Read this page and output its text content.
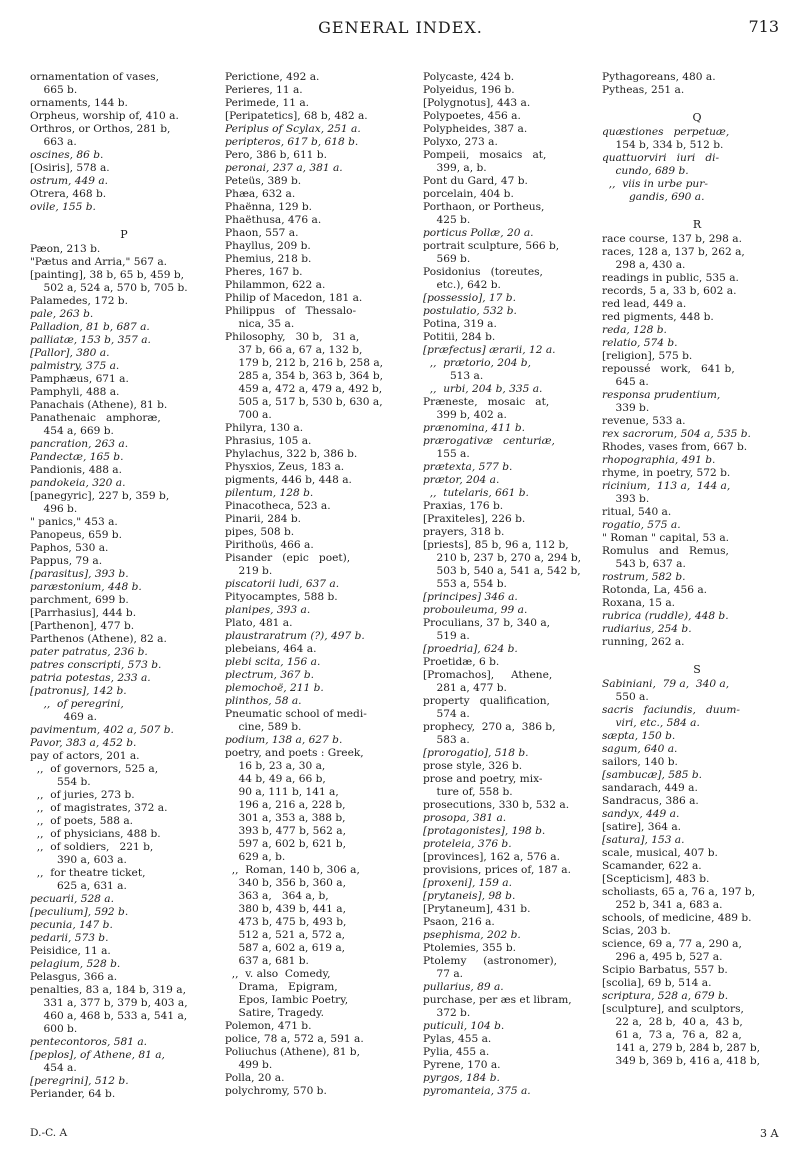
GENERAL INDEX.	713
ornamentation of vases,
665 b.
ornaments, 144 b.
Orpheus, worship of, 410 a.
Orthros, or Orthos, 281 b,
663 a.
oscines, 86 b.
[Osiris], 578 a.
ostrum, 449 a.
Otrera, 468 b.
ovile, 155 b.
P
Pæon, 213 b.
"Pætus and Arria," 567 a.
[painting], 38 b, 65 b, 459 b,
502 a, 524 a, 570 b, 705 b.
Palamedes, 172 b.
pale, 263 b.
Palladion, 81 b, 687 a.
palliatæ, 153 b, 357 a.
[Pallor], 380 a.
palmistry, 375 a.
Pamphæus, 671 a.
Pamphyli, 488 a.
Panachais (Athene), 81 b.
Panathenaic   amphoræ,
454 a, 669 b.
pancration, 263 a.
Pandectæ, 165 b.
Pandionis, 488 a.
pandokeia, 320 a.
[panegyric], 227 b, 359 b,
496 b.
" panics," 453 a.
Panopeus, 659 b.
Paphos, 530 a.
Pappus, 79 a.
[parasitus], 393 b.
paræstonium, 448 b.
parchment, 699 b.
[Parrhasius], 444 b.
[Parthenon], 477 b.
Parthenos (Athene), 82 a.
pater patratus, 236 b.
patres conscripti, 573 b.
patria potestas, 233 a.
[patronus], 142 b.
,,  of peregrini,
469 a.
pavimentum, 402 a, 507 b.
Pavor, 383 a, 452 b.
pay of actors, 201 a.
,,  of governors, 525 a,
554 b.
,,  of juries, 273 b.
,,  of magistrates, 372 a.
,,  of poets, 588 a.
,,  of physicians, 488 b.
,,  of soldiers,   221 b,
390 a, 603 a.
,,  for theatre ticket,
625 a, 631 a.
pecuarii, 528 a.
[peculium], 592 b.
pecunia, 147 b.
pedarii, 573 b.
Peisidice, 11 a.
pelagium, 528 b.
Pelasgus, 366 a.
penalties, 83 a, 184 b, 319 a,
331 a, 377 b, 379 b, 403 a,
460 a, 468 b, 533 a, 541 a,
600 b.
pentecontoros, 581 a.
[peplos], of Athene, 81 a,
454 a.
[peregrini], 512 b.
Periander, 64 b.
Perictione, 492 a.
Perieres, 11 a.
Perimede, 11 a.
[Peripatetics], 68 b, 482 a.
Periplus of Scylax, 251 a.
peripteros, 617 b, 618 b.
Pero, 386 b, 611 b.
peronai, 237 a, 381 a.
Peteüs, 389 b.
Phæa, 632 a.
Phaënna, 129 b.
Phaëthusa, 476 a.
Phaon, 557 a.
Phayllus, 209 b.
Phemius, 218 b.
Pheres, 167 b.
Philammon, 622 a.
Philip of Macedon, 181 a.
Philippus   of   Thessalo-
nica, 35 a.
Philosophy,   30 b,   31 a,
37 b, 66 a, 67 a, 132 b,
179 b, 212 b, 216 b, 258 a,
285 a, 354 b, 363 b, 364 b,
459 a, 472 a, 479 a, 492 b,
505 a, 517 b, 530 b, 630 a,
700 a.
Philyra, 130 a.
Phrasius, 105 a.
Phylachus, 322 b, 386 b.
Physxios, Zeus, 183 a.
pigments, 446 b, 448 a.
pilentum, 128 b.
Pinacotheca, 523 a.
Pinarii, 284 b.
pipes, 508 b.
Pirithoüs, 466 a.
Pisander   (epic   poet),
219 b.
piscatorii ludi, 637 a.
Pityocamptes, 588 b.
planipes, 393 a.
Plato, 481 a.
plaustraratrum (?), 497 b.
plebeians, 464 a.
plebi scita, 156 a.
plectrum, 367 b.
plemochoë, 211 b.
plinthos, 58 a.
Pneumatic school of medi-
cine, 589 b.
podium, 138 a, 627 b.
poetry, and poets : Greek,
16 b, 23 a, 30 a,
44 b, 49 a, 66 b,
90 a, 111 b, 141 a,
196 a, 216 a, 228 b,
301 a, 353 a, 388 b,
393 b, 477 b, 562 a,
597 a, 602 b, 621 b,
629 a, b.
,,  Roman, 140 b, 306 a,
340 b, 356 b, 360 a,
363 a,   364 a, b,
380 b, 439 b, 441 a,
473 b, 475 b, 493 b,
512 a, 521 a, 572 a,
587 a, 602 a, 619 a,
637 a, 681 b.
,,  v. also  Comedy,
Drama,   Epigram,
Epos, Iambic Poetry,
Satire, Tragedy.
Polemon, 471 b.
police, 78 a, 572 a, 591 a.
Poliuchus (Athene), 81 b,
499 b.
Polla, 20 a.
polychromy, 570 b.
Polycaste, 424 b.
Polyeidus, 196 b.
[Polygnotus], 443 a.
Polypoetes, 456 a.
Polypheides, 387 a.
Polyxo, 273 a.
Pompeii,   mosaics   at,
399, a, b.
Pont du Gard, 47 b.
porcelain, 404 b.
Porthaon, or Portheus,
425 b.
porticus Pollæ, 20 a.
portrait sculpture, 566 b,
569 b.
Posidonius   (toreutes,
etc.), 642 b.
[possessio], 17 b.
postulatio, 532 b.
Potina, 319 a.
Potitii, 284 b.
[præfectus] ærarii, 12 a.
,,  prætorio, 204 b,
513 a.
,,  urbi, 204 b, 335 a.
Præneste,   mosaic   at,
399 b, 402 a.
prænomina, 411 b.
prærogativæ   centuriæ,
155 a.
prætexta, 577 b.
prætor, 204 a.
,,  tutelaris, 661 b.
Praxias, 176 b.
[Praxiteles], 226 b.
prayers, 318 b.
[priests], 85 b, 96 a, 112 b,
210 b, 237 b, 270 a, 294 b,
503 b, 540 a, 541 a, 542 b,
553 a, 554 b.
[principes] 346 a.
probouleuma, 99 a.
Proculians, 37 b, 340 a,
519 a.
[proedria], 624 b.
Proetidæ, 6 b.
[Promachos],     Athene,
281 a, 477 b.
property   qualification,
574 a.
prophecy,  270 a,  386 b,
583 a.
[prorogatio], 518 b.
prose style, 326 b.
prose and poetry, mix-
ture of, 558 b.
prosecutions, 330 b, 532 a.
prosopa, 381 a.
[protagonistes], 198 b.
proteleia, 376 b.
[provinces], 162 a, 576 a.
provisions, prices of, 187 a.
[proxeni], 159 a.
[prytaneis], 98 b.
[Prytaneum], 431 b.
Psaon, 216 a.
psephisma, 202 b.
Ptolemies, 355 b.
Ptolemy     (astronomer),
77 a.
pullarius, 89 a.
purchase, per æs et libram,
372 b.
puticuli, 104 b.
Pylas, 455 a.
Pylia, 455 a.
Pyrene, 170 a.
pyrgos, 184 b.
pyromanteia, 375 a.
Pythagoreans, 480 a.
Pytheas, 251 a.
Q
quæstiones   perpetuæ,
154 b, 334 b, 512 b.
quattuorviri   iuri   di-
cundo, 689 b.
,,  viis in urbe pur-
gandis, 690 a.
R
race course, 137 b, 298 a.
races, 128 a, 137 b, 262 a,
298 a, 430 a.
readings in public, 535 a.
records, 5 a, 33 b, 602 a.
red lead, 449 a.
red pigments, 448 b.
reda, 128 b.
relatio, 574 b.
[religion], 575 b.
repoussé   work,   641 b,
645 a.
responsa prudentium,
339 b.
revenue, 533 a.
rex sacrorum, 504 a, 535 b.
Rhodes, vases from, 667 b.
rhopographia, 491 b.
rhyme, in poetry, 572 b.
ricinium,  113 a,  144 a,
393 b.
ritual, 540 a.
rogatio, 575 a.
" Roman " capital, 53 a.
Romulus   and   Remus,
543 b, 637 a.
rostrum, 582 b.
Rotonda, La, 456 a.
Roxana, 15 a.
rubrica (ruddle), 448 b.
rudiarius, 254 b.
running, 262 a.
S
Sabiniani,  79 a,  340 a,
550 a.
sacris   faciundis,   duum-
viri, etc., 584 a.
sæpta, 150 b.
sagum, 640 a.
sailors, 140 b.
[sambucæ], 585 b.
sandarach, 449 a.
Sandracus, 386 a.
sandyx, 449 a.
[satire], 364 a.
[satura], 153 a.
scale, musical, 407 b.
Scamander, 622 a.
[Scepticism], 483 b.
scholiasts, 65 a, 76 a, 197 b,
252 b, 341 a, 683 a.
schools, of medicine, 489 b.
Scias, 203 b.
science, 69 a, 77 a, 290 a,
296 a, 495 b, 527 a.
Scipio Barbatus, 557 b.
[scolia], 69 b, 514 a.
scriptura, 528 a, 679 b.
[sculpture], and sculptors,
22 a,  28 b,  40 a,  43 b,
61 a,  73 a,  76 a,  82 a,
141 a, 279 b, 284 b, 287 b,
349 b, 369 b, 416 a, 418 b,
D.-C. A	3 A
